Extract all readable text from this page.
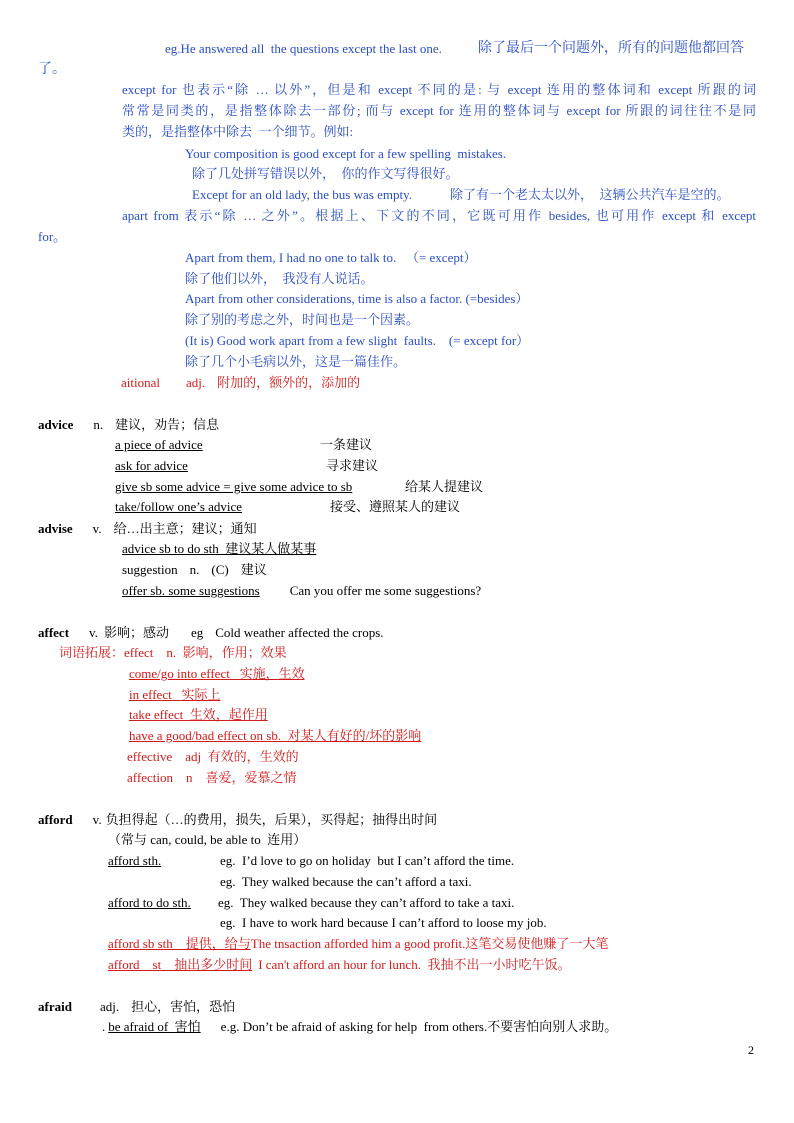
eg.He answered all  the questions except the last one.	除了最后一个问题外，所有的问题他都回答
了。
except for 也表示“除 … 以外”，但是和 except 不同的是: 与 except 连用的整体词和 except 所跟的词
常常是同类的，是指整体除去一部份; 而与 except for 连用的整体词与 except for 所跟的词往往不是同
类的，是指整体中除去  一个细节。例如:
Your composition is good except for a few spelling  mistakes.
除了几处拼写错误以外，  你的作文写得很好。
Except for an old lady, the bus was empty.	除了有一个老太太以外，  这辆公共汽车是空的。
apart from 表示“除 … 之外”。根据上、下文的不同，它既可用作 besides, 也可用作 except 和 except
for。
Apart from them, I had no one to talk to.   （= except）
除了他们以外，  我没有人说话。
Apart from other considerations, time is also a factor. (=besides）
除了别的考虑之外，时间也是一个因素。
(It is) Good work apart from a few slight  faults.    (= except for）
除了几个小毛病以外，这是一篇佳作。
aitional adj. 附加的，额外的，添加的
advice n. 建议，劝告；信息
a piece of advice	一条建议
ask for advice	寻求建议
give sb some advice = give some advice to sb	给某人提建议
take/follow one’s advice	接受、遵照某人的建议
advise v. 给…出主意；建议；通知
advice sb to do sth  建议某人做某事
suggestion n. (C) 建议
offer sb. some suggestions Can you offer me some suggestions?
affect v. 影响；感动 eg Cold weather affected the crops.
词语拓展：effect    n.  影响，作用；效果
come/go into effect   实施，生效
in effect   实际上
take effect  生效，起作用
have a good/bad effect on sb.  对某人有好的/坏的影响
effective    adj  有效的，生效的
affection    n    喜爱，爱慕之情
afford v. 负担得起（…的费用，损失，后果），买得起；抽得出时间
（常与 can, could, be able to  连用）
afford sth.	eg.  I’d love to go on holiday  but I can’t afford the time.
eg.  They walked because the can’t afford a taxi.
afford to do sth. eg.  They walked because they can’t afford to take a taxi.
eg.  I have to work hard because I can’t afford to loose my job.
afford sb sth    提供，给与The tnsaction afforded him a good profit.这笔交易使他赚了一大笔
afford    st    抽出多少时间 I can't afford an hour for lunch.  我抽不出一小时吃午饭。
afraid adj. 担心，害怕，恐怕
. be afraid of  害怕 e.g. Don’t be afraid of asking for help  from others.不要害怕向别人求助。
2
